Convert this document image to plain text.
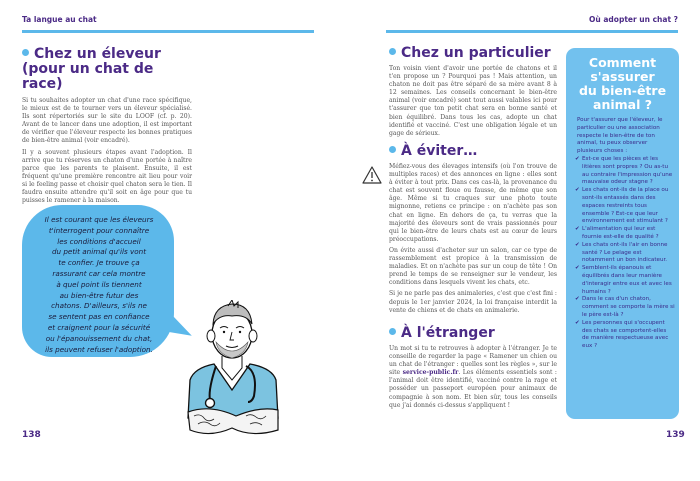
Ta langue au chat
Chez un éleveur
(pour un chat de race)

Si tu souhaites adopter un chat d'une race spécifique, le mieux est de te tourner vers un éleveur spécialisé. Ils sont répertoriés sur le site du LOOF (cf. p. 20). Avant de te lancer dans une adoption, il est important de vérifier que l'éleveur respecte les bonnes pratiques de bien-être animal (voir encadré).

Il y a souvent plusieurs étapes avant l'adoption. Il arrive que tu réserves un chaton d'une portée à naître parce que les parents te plaisent. Ensuite, il est fréquent qu'une première rencontre ait lieu pour voir si le feeling passe et choisir quel chaton sera le tien. Il faudra ensuite attendre qu'il soit en âge pour que tu puisses le ramener à la maison.

Il est courant que les éleveurs
t'interrogent pour connaître
les conditions d'accueil
du petit animal qu'ils vont
te confier. Je trouve ça
rassurant car cela montre
à quel point ils tiennent
au bien-être futur des
chatons. D'ailleurs, s'ils ne
se sentent pas en confiance
et craignent pour la sécurité
ou l'épanouissement du chat,
ils peuvent refuser l'adoption.
138
Où adopter un chat ?
Chez un particulier

Ton voisin vient d'avoir une portée de chatons et il t'en propose un ? Pourquoi pas ! Mais attention, un chaton ne doit pas être séparé de sa mère avant 8 à 12 semaines. Les conseils concernant le bien-être animal (voir encadré) sont tout aussi valables ici pour t'assurer que ton petit chat sera en bonne santé et bien équilibré. Dans tous les cas, adopte un chat identifié et vacciné. C'est une obligation légale et un gage de sérieux.

À éviter…

Méfiez-vous des élevages intensifs (où l'on trouve de multiples races) et des annonces en ligne : elles sont à éviter à tout prix. Dans ces cas-là, la provenance du chat est souvent floue ou fausse, de même que son âge. Même si tu craques sur une photo toute mignonne, retiens ce principe : on n'achète pas son chat en ligne. En dehors de ça, tu verras que la majorité des éleveurs sont de vrais passionnés pour qui le bien-être de leurs chats est au cœur de leurs préoccupations.

On évite aussi d'acheter sur un salon, car ce type de rassemblement est propice à la transmission de maladies. Et on n'achète pas sur un coup de tête ! On prend le temps de se renseigner sur le vendeur, les conditions dans lesquels vivent les chats, etc.

Si je ne parle pas des animaleries, c'est que c'est fini : depuis le 1er janvier 2024, la loi française interdit la vente de chiens et de chats en animalerie.

À l'étranger

Un mot si tu te retrouves à adopter à l'étranger. Je te conseille de regarder la page « Ramener un chien ou un chat de l'étranger : quelles sont les règles », sur le site service-public.fr. Les éléments essentiels sont : l'animal doit être identifié, vacciné contre la rage et posséder un passeport européen pour animaux de compagnie à son nom. Et bien sûr, tous les conseils que j'ai donnés ci-dessus s'appliquent !

Comment
s'assurer
du bien-être
animal ?
Pour t'assurer que l'éleveur, le particulier ou une association respecte le bien-être de ton animal, tu peux observer plusieurs choses :
✔ Est-ce que les pièces et les litières sont propres ? Ou as-tu au contraire l'impression qu'une mauvaise odeur stagne ?
✔ Les chats ont-ils de la place ou sont-ils entassés dans des espaces restreints tous ensemble ? Est-ce que leur environnement est stimulant ?
✔ L'alimentation qui leur est fournie est-elle de qualité ?
✔ Les chats ont-ils l'air en bonne santé ? Le pelage est notamment un bon indicateur.
✔ Semblent-ils épanouis et équilibrés dans leur manière d'interagir entre eux et avec les humains ?
✔ Dans le cas d'un chaton, comment se comporte la mère si le père est-là ?
✔ Les personnes qui s'occupent des chats se comportent-elles de manière respectueuse avec eux ?
139
